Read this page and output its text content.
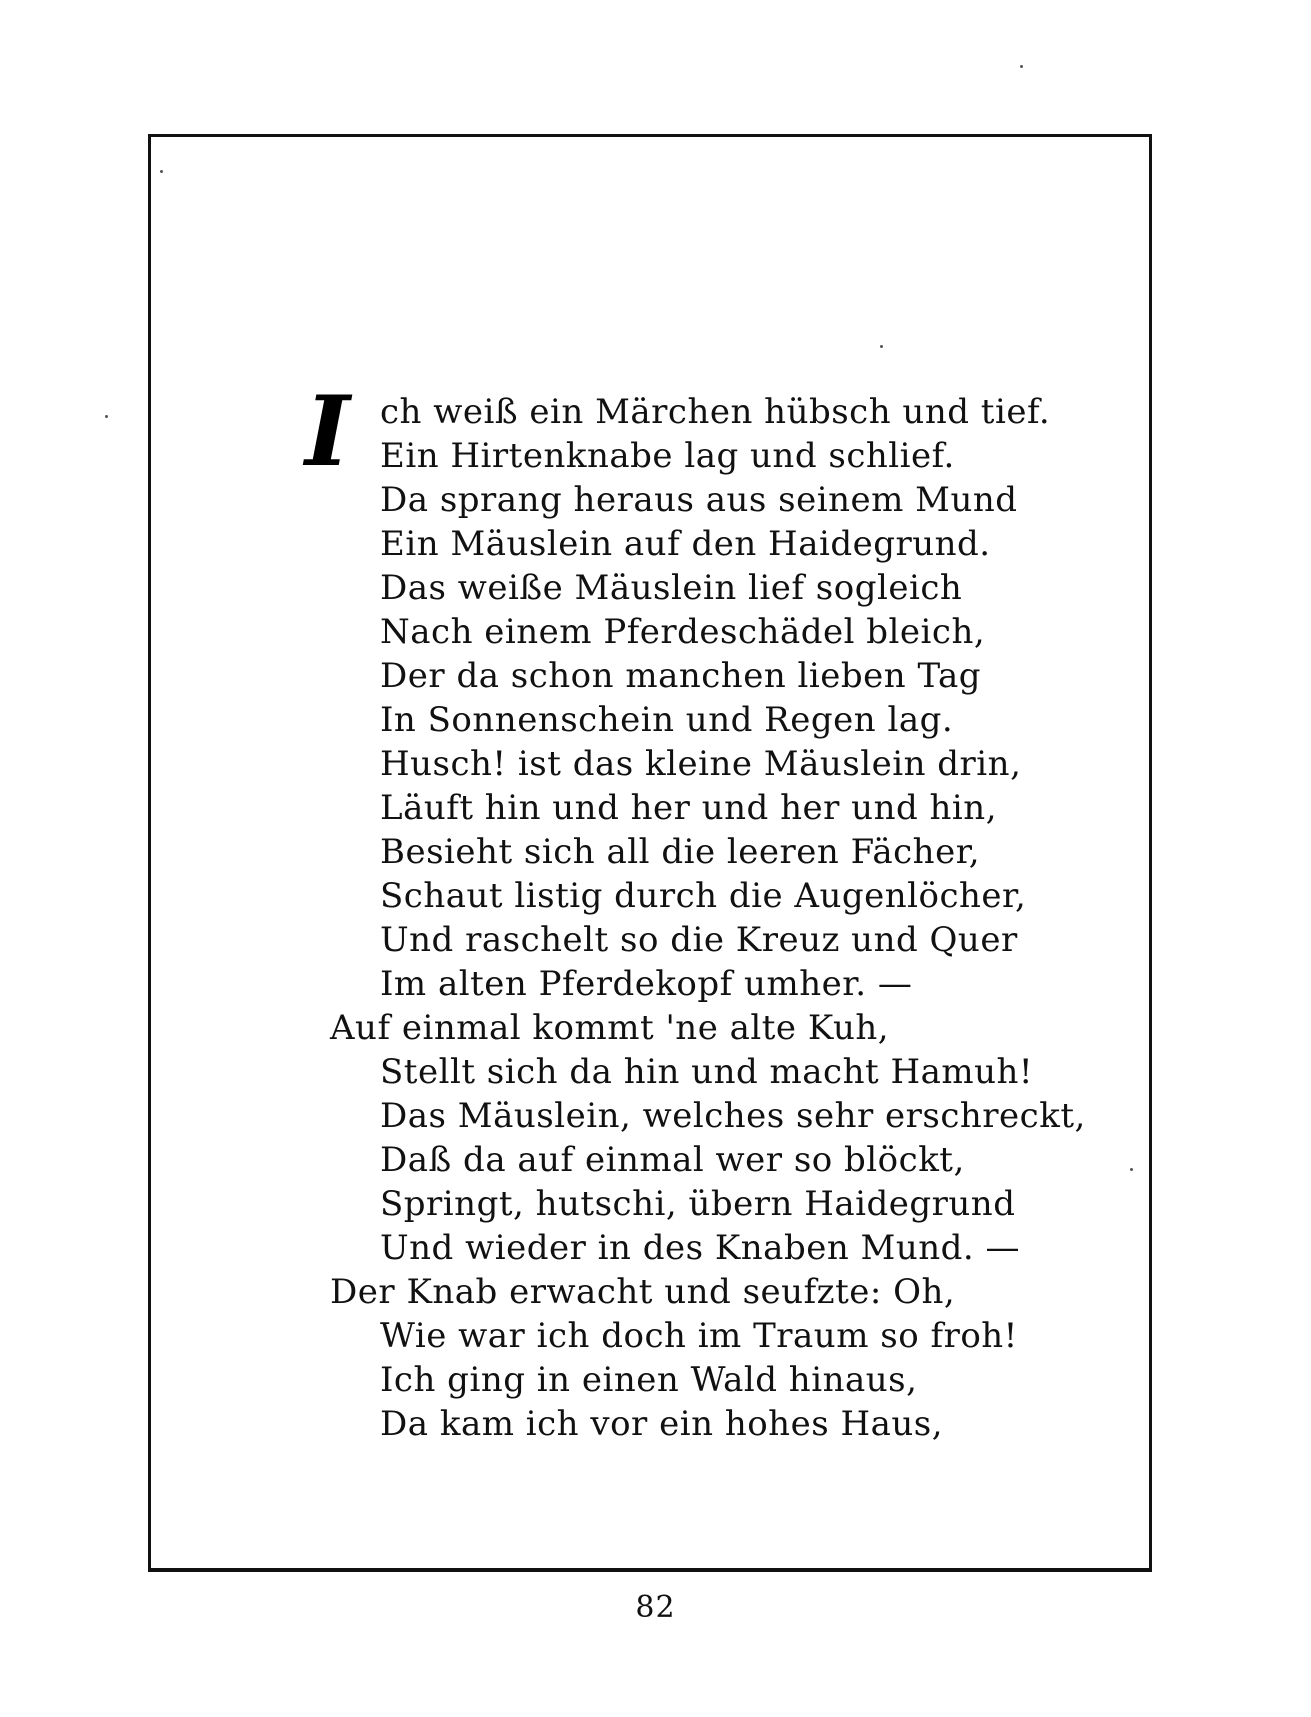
I ch weiß ein Märchen hübsch und tief.
Ein Hirtenknabe lag und schlief.
Da sprang heraus aus seinem Mund
Ein Mäuslein auf den Haidegrund.
Das weiße Mäuslein lief sogleich
Nach einem Pferdeschädel bleich,
Der da schon manchen lieben Tag
In Sonnenschein und Regen lag.
Husch! ist das kleine Mäuslein drin,
Läuft hin und her und her und hin,
Besieht sich all die leeren Fächer,
Schaut listig durch die Augenlöcher,
Und raschelt so die Kreuz und Quer
Im alten Pferdekopf umher. —
Auf einmal kommt 'ne alte Kuh,
Stellt sich da hin und macht Hamuh!
Das Mäuslein, welches sehr erschreckt,
Daß da auf einmal wer so blöckt,
Springt, hutschi, übern Haidegrund
Und wieder in des Knaben Mund. —
Der Knab erwacht und seufzte: Oh,
Wie war ich doch im Traum so froh!
Ich ging in einen Wald hinaus,
Da kam ich vor ein hohes Haus,
82
